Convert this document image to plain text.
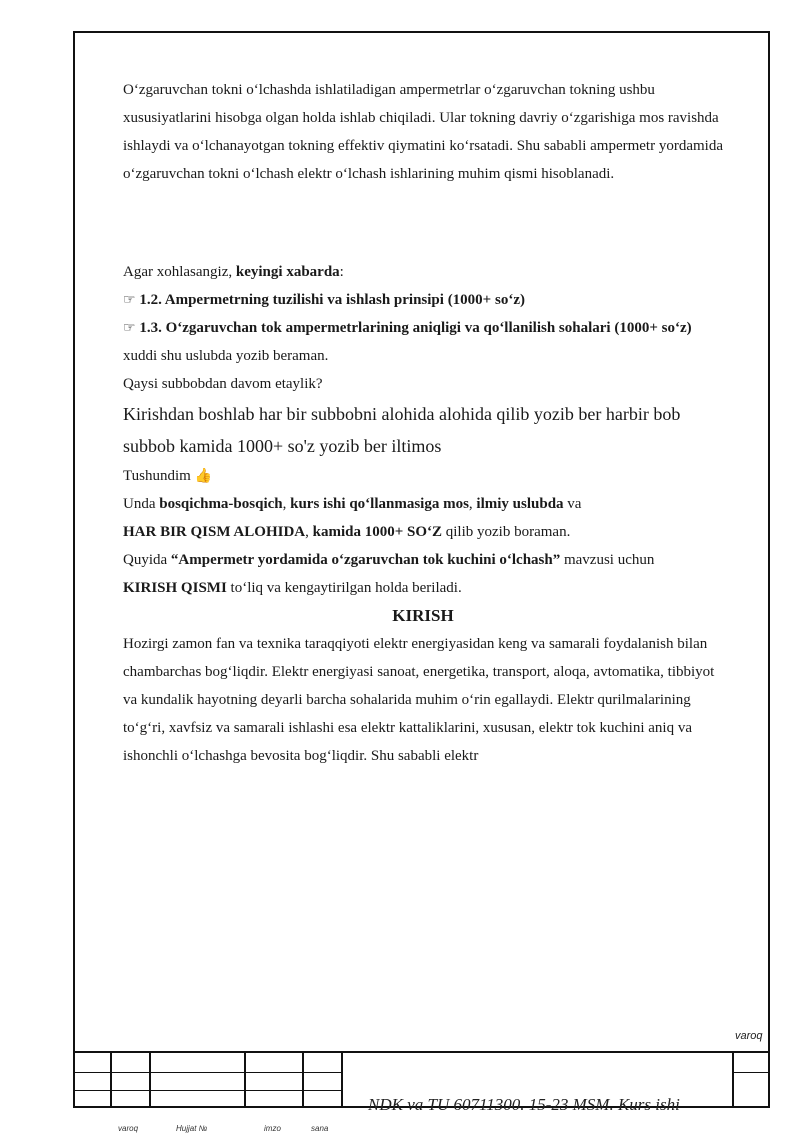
O‘zgaruvchan tokni o‘lchashda ishlatiladigan ampermetrlar o‘zgaruvchan tokning ushbu xususiyatlarini hisobga olgan holda ishlab chiqiladi. Ular tokning davriy o‘zgarishiga mos ravishda ishlaydi va o‘lchanayotgan tokning effektiv qiymatini ko‘rsatadi. Shu sababli ampermetr yordamida o‘zgaruvchan tokni o‘lchash elektr o‘lchash ishlarining muhim qismi hisoblanadi.

Agar xohlasangiz, keyingi xabarda:

☞ 1.2. Ampermetrning tuzilishi va ishlash prinsipi (1000+ so‘z)

☞ 1.3. O‘zgaruvchan tok ampermetrlarining aniqligi va qo‘llanilish sohalari (1000+ so‘z)

xuddi shu uslubda yozib beraman.

Qaysi subbobdan davom etaylik?

Kirishdan boshlab har bir subbobni alohida alohida qilib yozib ber harbir bob subbob kamida 1000+ so'z yozib ber iltimos

Tushundim 👍

Unda bosqichma-bosqich, kurs ishi qo‘llanmasiga mos, ilmiy uslubda va

HAR BIR QISM ALOHIDA, kamida 1000+ SO‘Z qilib yozib boraman.

Quyida “Ampermetr yordamida o‘zgaruvchan tok kuchini o‘lchash” mavzusi uchun

KIRISH QISMI to‘liq va kengaytirilgan holda beriladi.

KIRISH

Hozirgi zamon fan va texnika taraqqiyoti elektr energiyasidan keng va samarali foydalanish bilan chambarchas bog‘liqdir. Elektr energiyasi sanoat, energetika, transport, aloqa, avtomatika, tibbiyot va kundalik hayotning deyarli barcha sohalarida muhim o‘rin egallaydi. Elektr qurilmalarining to‘g‘ri, xavfsiz va samarali ishlashi esa elektr kattaliklarini, xususan, elektr tok kuchini aniq va ishonchli o‘lchashga bevosita bog‘liqdir. Shu sababli elektr

varoq
NDK va TU 60711300. 15-23 MSM. Kurs ishi
varoq	Hujjat №	imzo	sana
